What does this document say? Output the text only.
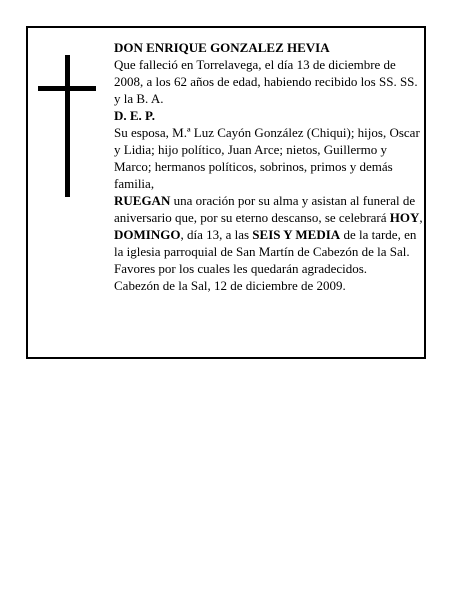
DON ENRIQUE GONZALEZ HEVIA

Que falleció en Torrelavega, el día 13 de diciembre de 2008, a los 62 años de edad, habiendo recibido los SS. SS. y la B. A.

D. E. P.

Su esposa, M.ª Luz Cayón González (Chiqui); hijos, Oscar y Lidia; hijo político, Juan Arce; nietos, Guillermo y Marco; hermanos políticos, sobrinos, primos y demás familia,

RUEGAN una oración por su alma y asistan al funeral de aniversario que, por su eterno descanso, se celebrará HOY, DOMINGO, día 13, a las SEIS Y MEDIA de la tarde, en la iglesia parroquial de San Martín de Cabezón de la Sal. Favores por los cuales les quedarán agradecidos.

Cabezón de la Sal, 12 de diciembre de 2009.
